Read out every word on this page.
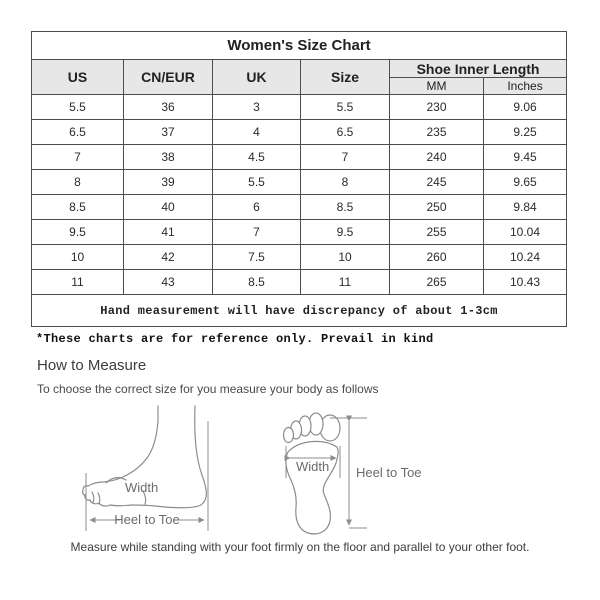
Women's Size Chart					
US	CN/EUR	UK	Size	Shoe Inner Length	
				MM	Inches
5.5	36	3	5.5	230	9.06
6.5	37	4	6.5	235	9.25
7	38	4.5	7	240	9.45
8	39	5.5	8	245	9.65
8.5	40	6	8.5	250	9.84
9.5	41	7	9.5	255	10.04
10	42	7.5	10	260	10.24
11	43	8.5	11	265	10.43
Hand measurement will have discrepancy of about 1-3cm					
*These charts are for reference only. Prevail in kind
How to Measure
To choose the correct size for you measure your body as follows
Width
Heel to Toe
Width Heel to Toe
Measure while standing with your foot firmly on the floor and parallel to your other foot.
